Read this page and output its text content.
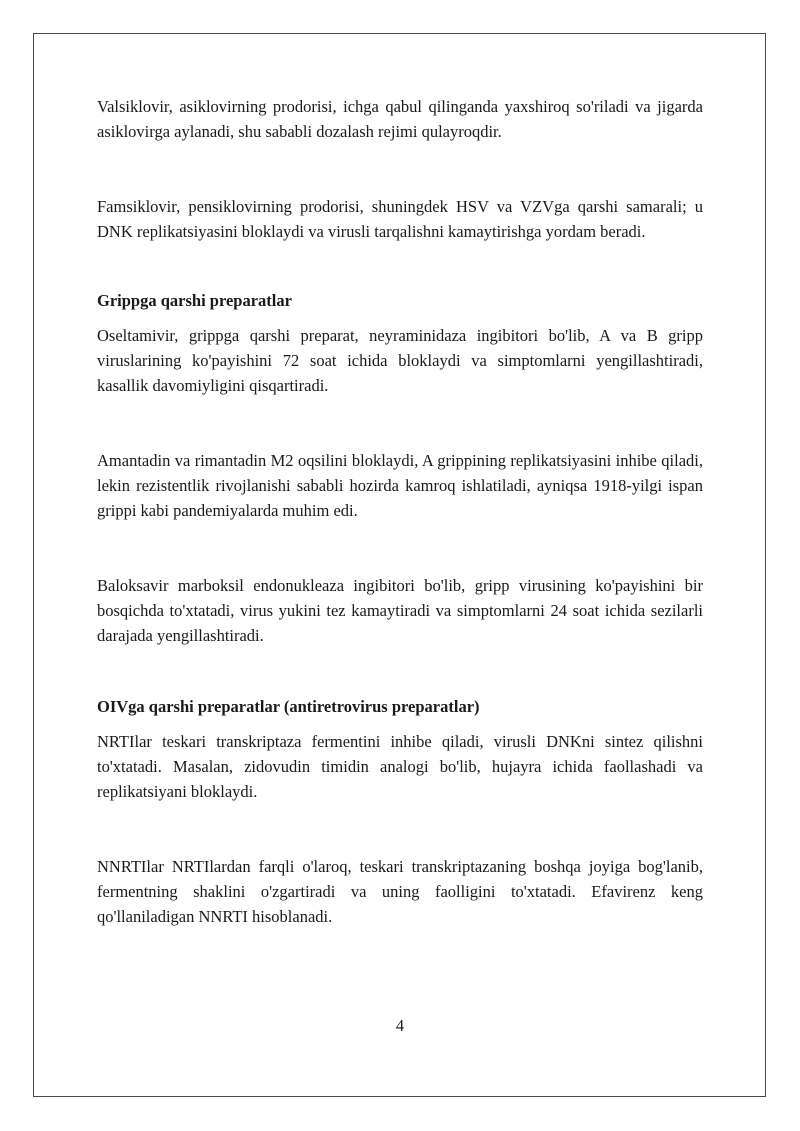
Valsiklovir, asiklovirning prodorisi, ichga qabul qilinganda yaxshiroq so'riladi va jigarda asiklovirga aylanadi, shu sababli dozalash rejimi qulayroqdir.

Famsiklovir, pensiklovirning prodorisi, shuningdek HSV va VZVga qarshi samarali; u DNK replikatsiyasini bloklaydi va virusli tarqalishni kamaytirishga yordam beradi.

Grippga qarshi preparatlar

Oseltamivir, grippga qarshi preparat, neyraminidaza ingibitori bo'lib, A va B gripp viruslarining ko'payishini 72 soat ichida bloklaydi va simptomlarni yengillashtiradi, kasallik davomiyligini qisqartiradi.

Amantadin va rimantadin M2 oqsilini bloklaydi, A grippining replikatsiyasini inhibe qiladi, lekin rezistentlik rivojlanishi sababli hozirda kamroq ishlatiladi, ayniqsa 1918-yilgi ispan grippi kabi pandemiyalarda muhim edi.

Baloksavir marboksil endonukleaza ingibitori bo'lib, gripp virusining ko'payishini bir bosqichda to'xtatadi, virus yukini tez kamaytiradi va simptomlarni 24 soat ichida sezilarli darajada yengillashtiradi.

OIVga qarshi preparatlar (antiretrovirus preparatlar)

NRTIlar teskari transkriptaza fermentini inhibe qiladi, virusli DNKni sintez qilishni to'xtatadi. Masalan, zidovudin timidin analogi bo'lib, hujayra ichida faollashadi va replikatsiyani bloklaydi.

NNRTIlar NRTIlardan farqli o'laroq, teskari transkriptazaning boshqa joyiga bog'lanib, fermentning shaklini o'zgartiradi va uning faolligini to'xtatadi. Efavirenz keng qo'llaniladigan NNRTI hisoblanadi.

4
